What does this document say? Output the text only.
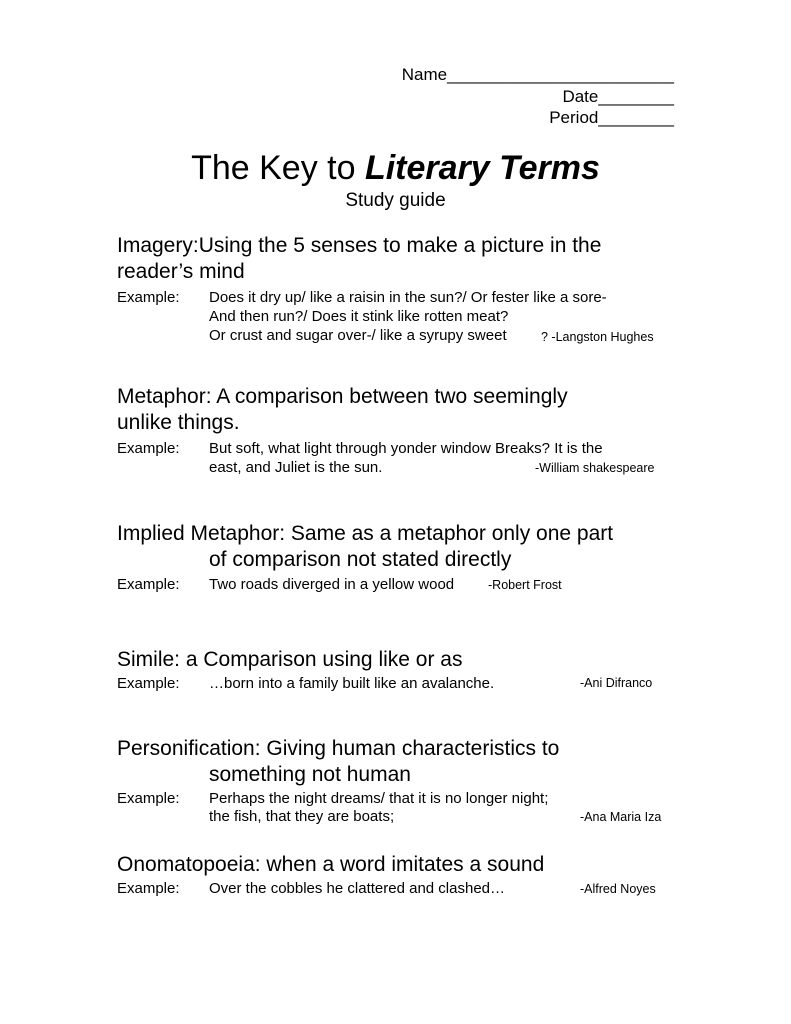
Name________________________
Date________
Period________
The Key to Literary Terms
Study guide
Imagery:Using the 5 senses to make a picture in the
reader’s mind
Example: Does it dry up/ like a raisin in the sun?/ Or fester like a sore-
And then run?/ Does it stink like rotten meat?
Or crust and sugar over-/ like a syrupy sweet	? -Langston Hughes
Metaphor: A comparison between two seemingly
unlike things.
Example: But soft, what light through yonder window Breaks? It is the
east, and Juliet is the sun.	-William shakespeare
Implied Metaphor: Same as a metaphor only one part

of comparison not stated directly
Example: Two roads diverged in a yellow wood	-Robert Frost
Simile: a Comparison using like or as
Example: …born into a family built like an avalanche.	-Ani Difranco
Personification: Giving human characteristics to

something not human
Example: Perhaps the night dreams/ that it is no longer night;
the fish, that they are boats;	-Ana Maria Iza
Onomatopoeia: when a word imitates a sound
Example: Over the cobbles he clattered and clashed…	-Alfred Noyes
